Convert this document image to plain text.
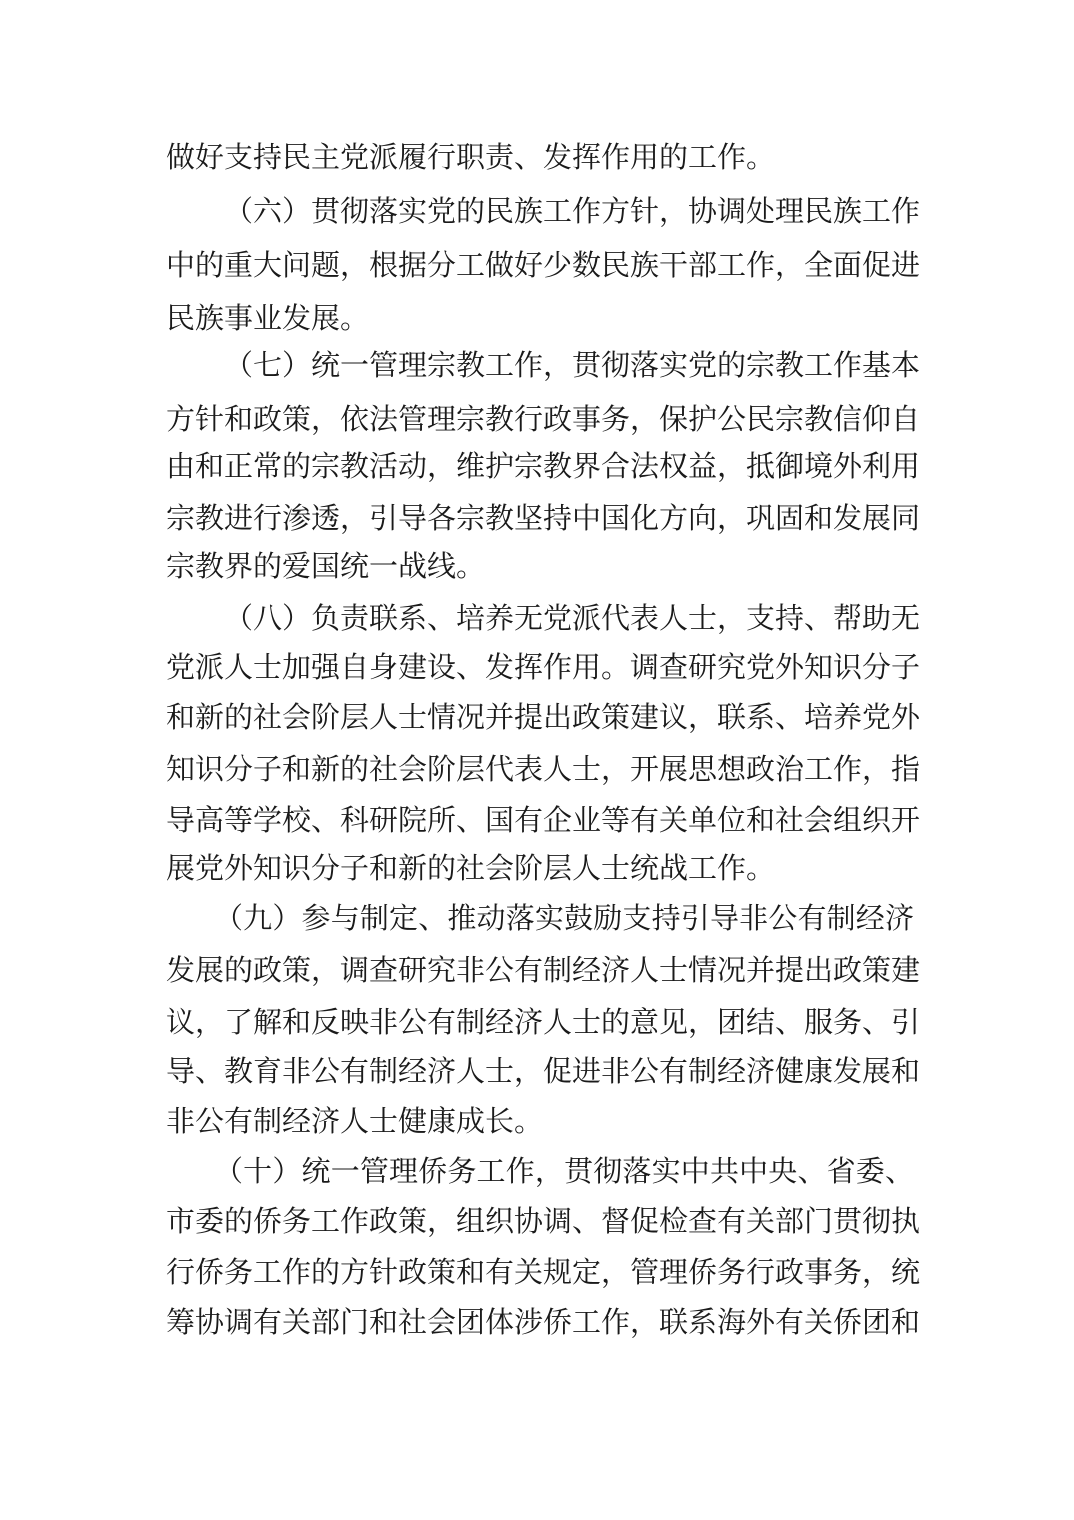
做好支持民主党派履行职责、发挥作用的工作。
（六）贯彻落实党的民族工作方针，协调处理民族工作
中的重大问题，根据分工做好少数民族干部工作，全面促进
民族事业发展。
（七）统一管理宗教工作，贯彻落实党的宗教工作基本
方针和政策，依法管理宗教行政事务，保护公民宗教信仰自
由和正常的宗教活动，维护宗教界合法权益，抵御境外利用
宗教进行渗透，引导各宗教坚持中国化方向，巩固和发展同
宗教界的爱国统一战线。
（八）负责联系、培养无党派代表人士，支持、帮助无
党派人士加强自身建设、发挥作用。调查研究党外知识分子
和新的社会阶层人士情况并提出政策建议，联系、培养党外
知识分子和新的社会阶层代表人士，开展思想政治工作，指
导高等学校、科研院所、国有企业等有关单位和社会组织开
展党外知识分子和新的社会阶层人士统战工作。
（九）参与制定、推动落实鼓励支持引导非公有制经济
发展的政策，调查研究非公有制经济人士情况并提出政策建
议，了解和反映非公有制经济人士的意见，团结、服务、引
导、教育非公有制经济人士，促进非公有制经济健康发展和
非公有制经济人士健康成长。
（十）统一管理侨务工作，贯彻落实中共中央、省委、
市委的侨务工作政策，组织协调、督促检查有关部门贯彻执
行侨务工作的方针政策和有关规定，管理侨务行政事务，统
筹协调有关部门和社会团体涉侨工作，联系海外有关侨团和
